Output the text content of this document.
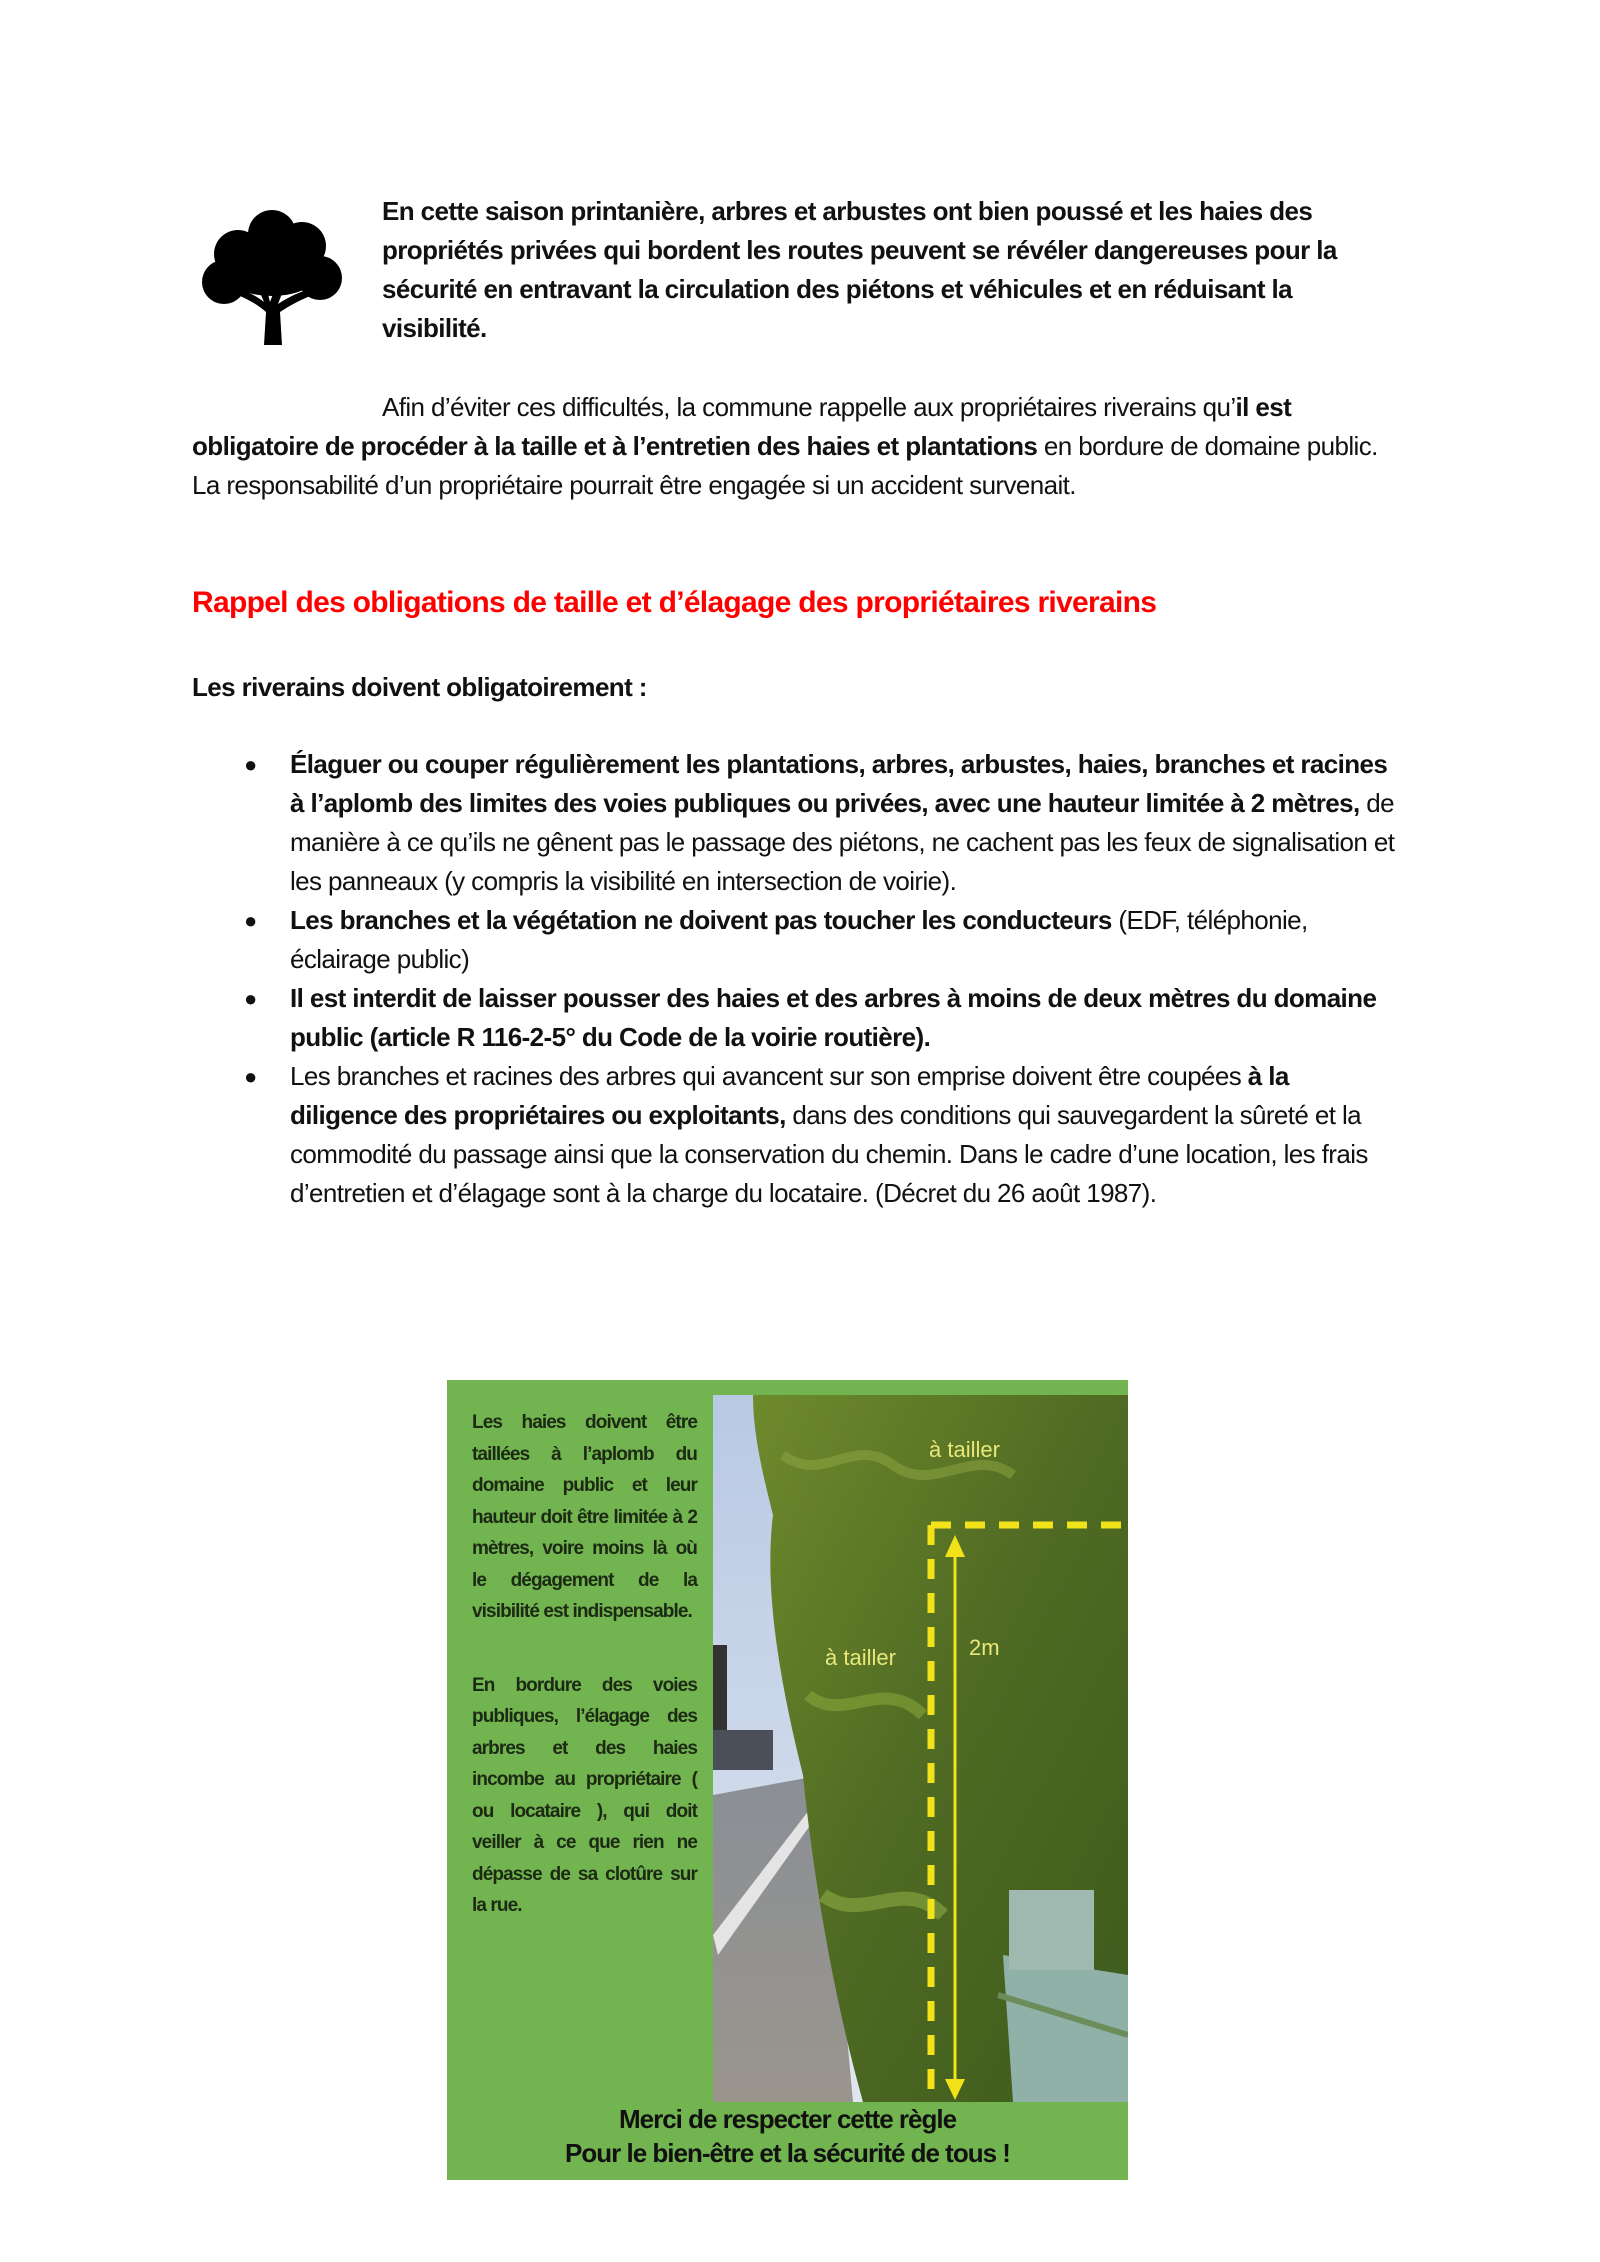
En cette saison printanière, arbres et arbustes ont bien poussé et les haies des propriétés privées qui bordent les routes peuvent se révéler dangereuses pour la sécurité en entravant la circulation des piétons et véhicules et en réduisant la visibilité.

Afin d’éviter ces difficultés, la commune rappelle aux propriétaires riverains qu’il est obligatoire de procéder à la taille et à l’entretien des haies et plantations en bordure de domaine public. La responsabilité d’un propriétaire pourrait être engagée si un accident survenait.

Rappel des obligations de taille et d’élagage des propriétaires riverains

Les riverains doivent obligatoirement :

● Élaguer ou couper régulièrement les plantations, arbres, arbustes, haies, branches et racines à l’aplomb des limites des voies publiques ou privées, avec une hauteur limitée à 2 mètres, de manière à ce qu’ils ne gênent pas le passage des piétons, ne cachent pas les feux de signalisation et les panneaux (y compris la visibilité en intersection de voirie).
● Les branches et la végétation ne doivent pas toucher les conducteurs (EDF, téléphonie, éclairage public)
● Il est interdit de laisser pousser des haies et des arbres à moins de deux mètres du domaine public (article R 116-2-5° du Code de la voirie routière).
● Les branches et racines des arbres qui avancent sur son emprise doivent être coupées à la diligence des propriétaires ou exploitants, dans des conditions qui sauvegardent la sûreté et la commodité du passage ainsi que la conservation du chemin. Dans le cadre d’une location, les frais d’entretien et d’élagage sont à la charge du locataire. (Décret du 26 août 1987).

Les haies doivent être taillées à l’aplomb du domaine public et leur hauteur doit être limitée à 2 mètres, voire moins là où le dégagement de la visibilité est indispensable.

En bordure des voies publiques, l’élagage des arbres et des haies incombe au propriétaire ( ou locataire ), qui doit veiller à ce que rien ne dépasse de sa clotûre sur la rue.

à tailler
à tailler	2m
Merci de respecter cette règle
Pour le bien-être et la sécurité de tous !
